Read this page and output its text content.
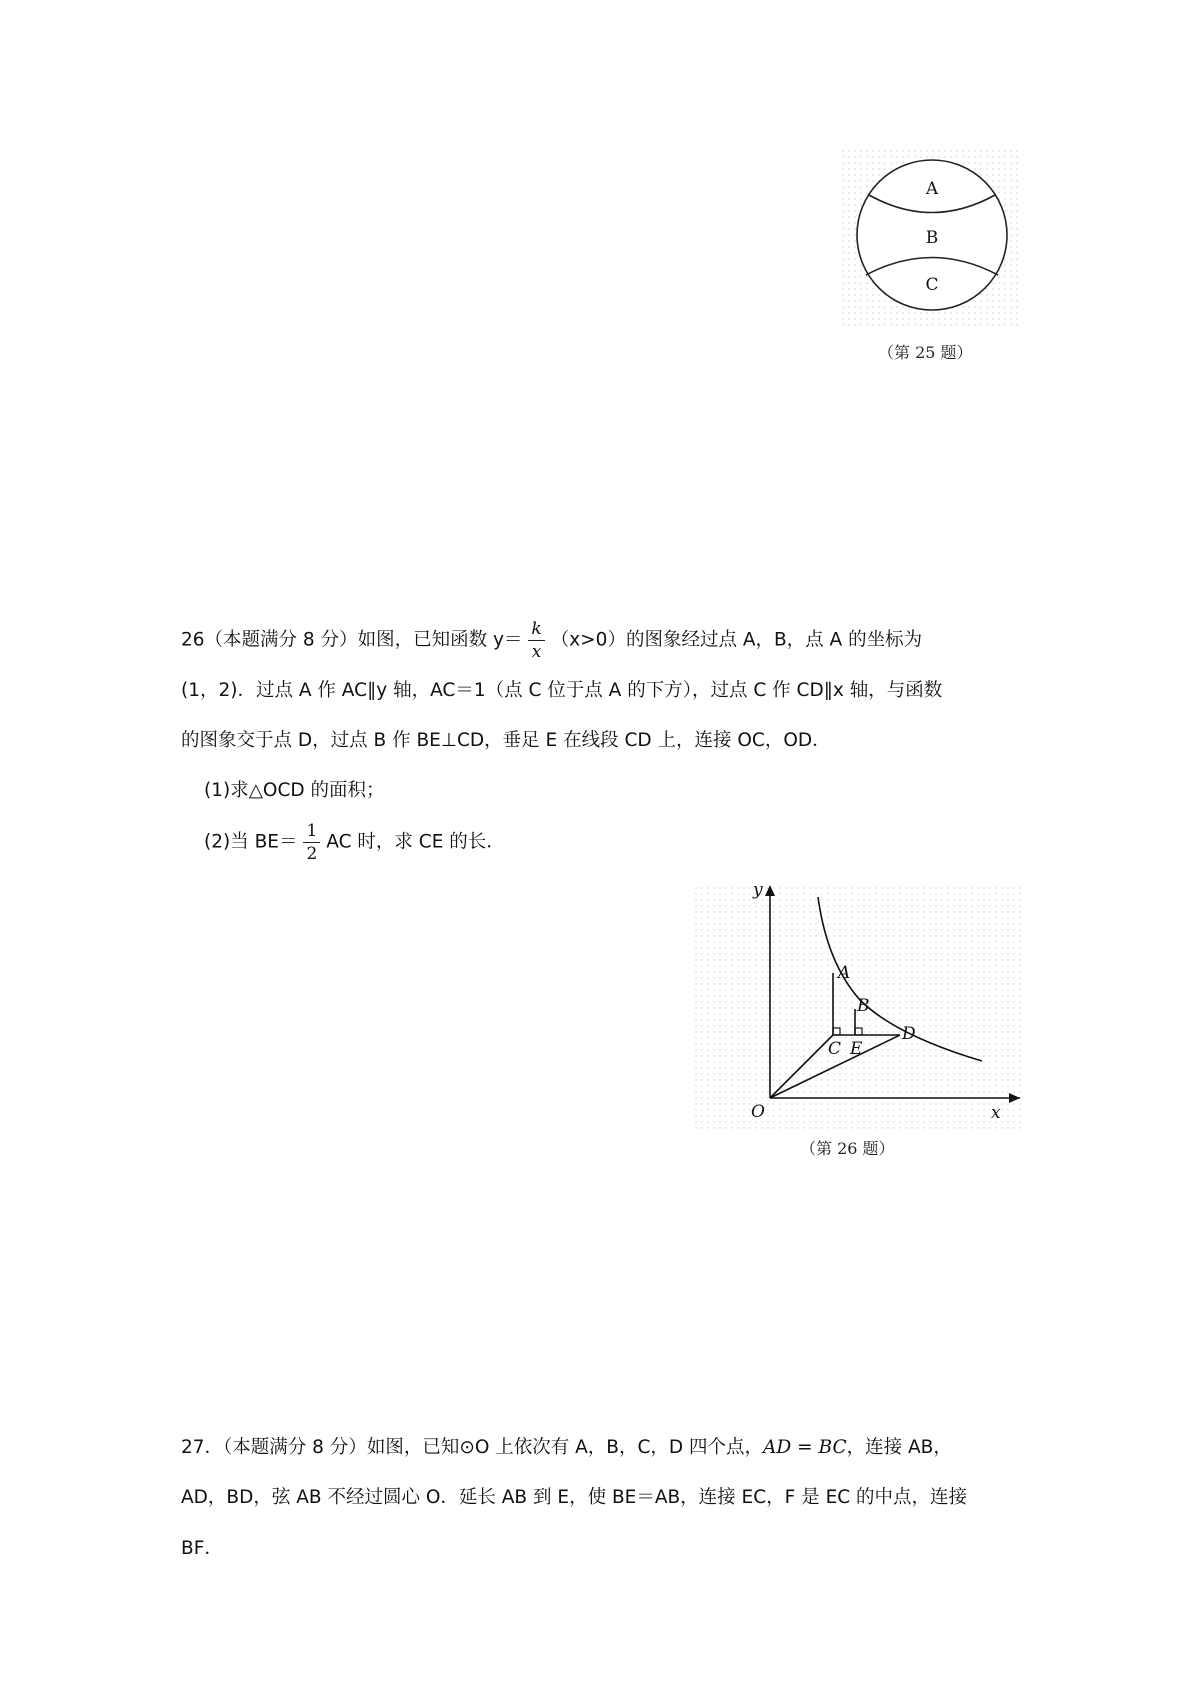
A
B
C
（第 25 题）
26（本题满分 8 分）如图，已知函数 $y= \frac{k}{x} (x>0)$的图象经过点 A，B，点 A 的坐标为
(1，2)．过点 A 作 AC∥y 轴，AC＝1（点 C 位于点 A 的下方），过点 C 作 CD∥x 轴，与函数
的图象交于点 D，过点 B 作 BE⊥CD，垂足 E 在线段 CD 上，连接 OC，OD．
(1)求△OCD 的面积；
(2)当 $BE= \frac{1}{2}$ AC 时，求 CE 的长．
y
x
O
A
B
C E
D
（第 26 题）
27．（本题满分 8 分）如图，已知⊙O 上依次有 A，B，C，D 四个点，AD = BC，连接 AB，
AD，BD，弦 AB 不经过圆心 O．延长 AB 到 E，使 BE＝AB，连接 EC，F 是 EC 的中点，连接
BF．
